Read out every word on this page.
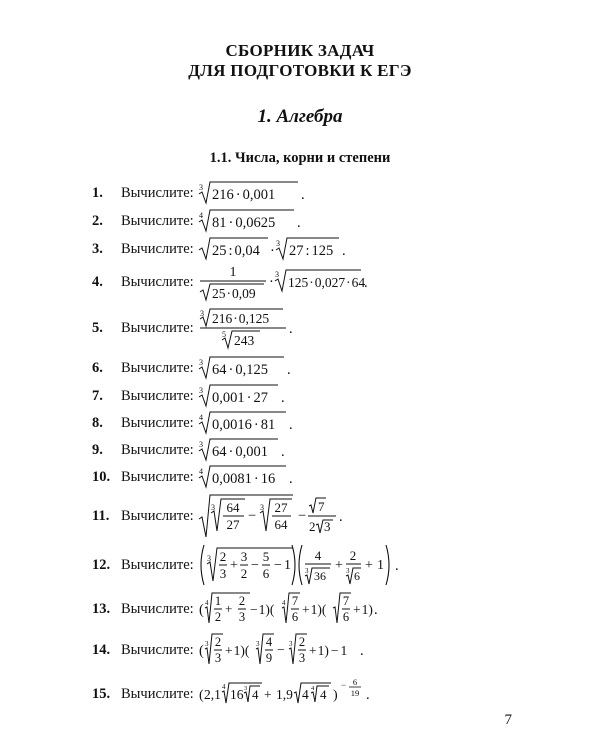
СБОРНИК ЗАДАЧ
ДЛЯ ПОДГОТОВКИ К ЕГЭ
1. Алгебра
1.1. Числа, корни и степени
1.	Вычислите: 3 216 · 0,001 .
2.	Вычислите: 4 81 · 0,0625 .
3.	Вычислите: 25 : 0,04 · 3 27 : 125 .
4.	Вычислите:
1
25·0,09
· 3
125·0,027·64
.
5.	Вычислите:
3 216·0,125
5 243
.
6.	Вычислите: 3 64 · 0,125 .
7.	Вычислите: 3 0,001 · 27 .
8.	Вычислите: 4 0,0016 · 81 .
9.	Вычислите: 3 64 · 0,001 .
10. Вычислите: 4 0,0081 · 16 .
11. Вычислите: 3 64
27
−
3 27
64
−
7
2 3
.
12. Вычислите: 3 2
3
+
3
2
−
5
6
− 1
4
3 36
+
2
3 6
+ 1 .
13. Вычислите: ( 4 1
2
+ 2
3 −1)( 4 7
6 +1)(
7
6 +1) .
14. Вычислите: ( 3 2
3 +1)( 3 4
9
− 3 2
3 +1) − 1 .
15. Вычислите: ( 2,1 4 16 3 4 + 1,9 4 4 4 )
− 6
19 .
7
